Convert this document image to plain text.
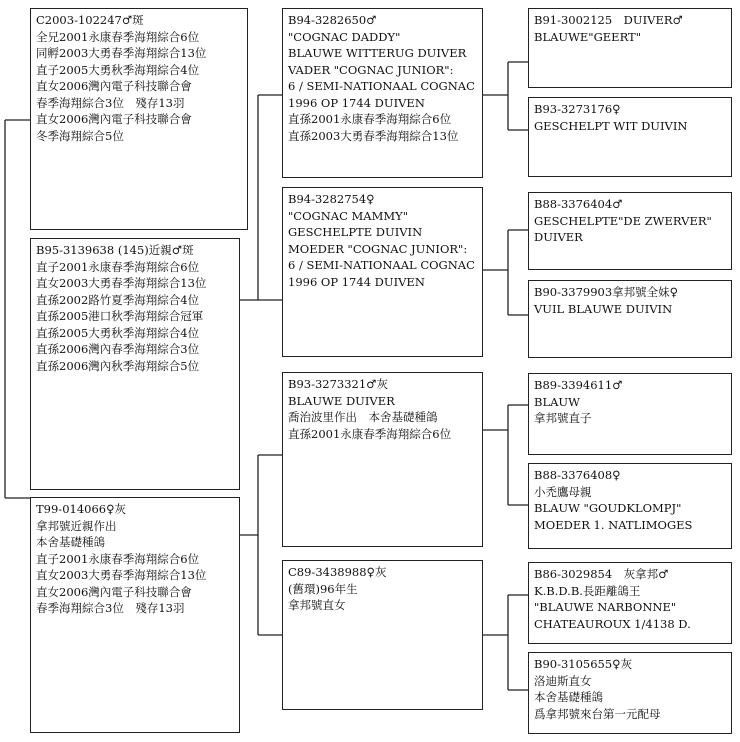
C2003-102247♂斑
全兄2001永康春季海翔綜合6位
同孵2003大勇春季海翔綜合13位
直子2005大勇秋季海翔綜合4位
直女2006灣內電子科技聯合會
春季海翔綜合3位　殘存13羽
直女2006灣內電子科技聯合會
冬季海翔綜合5位
B95-3139638 (145)近親♂斑
直子2001永康春季海翔綜合6位
直女2003大勇春季海翔綜合13位
直孫2002路竹夏季海翔綜合4位
直孫2005港口秋季海翔綜合冠軍
直孫2005大勇秋季海翔綜合4位
直孫2006灣內春季海翔綜合3位
直孫2006灣內秋季海翔綜合5位
T99-014066♀灰
拿邦號近親作出
本舍基礎種鴿
直子2001永康春季海翔綜合6位
直女2003大勇春季海翔綜合13位
直女2006灣內電子科技聯合會
春季海翔綜合3位　殘存13羽
B94-3282650♂
"COGNAC DADDY"
BLAUWE WITTERUG DUIVER
VADER "COGNAC JUNIOR":
6 / SEMI-NATIONAAL COGNAC
1996 OP 1744 DUIVEN
直孫2001永康春季海翔綜合6位
直孫2003大勇春季海翔綜合13位
B94-3282754♀
"COGNAC MAMMY"
GESCHELPTE DUIVIN
MOEDER "COGNAC JUNIOR":
6 / SEMI-NATIONAAL COGNAC
1996 OP 1744 DUIVEN
B93-3273321♂灰
BLAUWE DUIVER
喬治波里作出　本舍基礎種鴿
直孫2001永康春季海翔綜合6位
C89-3438988♀灰
(舊環)96年生
拿邦號直女
B91-3002125　DUIVER♂
BLAUWE"GEERT"
B93-3273176♀
GESCHELPT WIT DUIVIN
B88-3376404♂
GESCHELPTE"DE ZWERVER"
DUIVER
B90-3379903拿邦號全妹♀
VUIL BLAUWE DUIVIN
B89-3394611♂
BLAUW
拿邦號直子
B88-3376408♀
小禿鷹母親
BLAUW "GOUDKLOMPJ"
MOEDER 1. NATLIMOGES
B86-3029854　灰拿邦♂
K.B.D.B.長距離鴿王
"BLAUWE NARBONNE"
CHATEAUROUX 1/4138 D.
B90-3105655♀灰
洛迪斯直女
本舍基礎種鴿
爲拿邦號來台第一元配母
